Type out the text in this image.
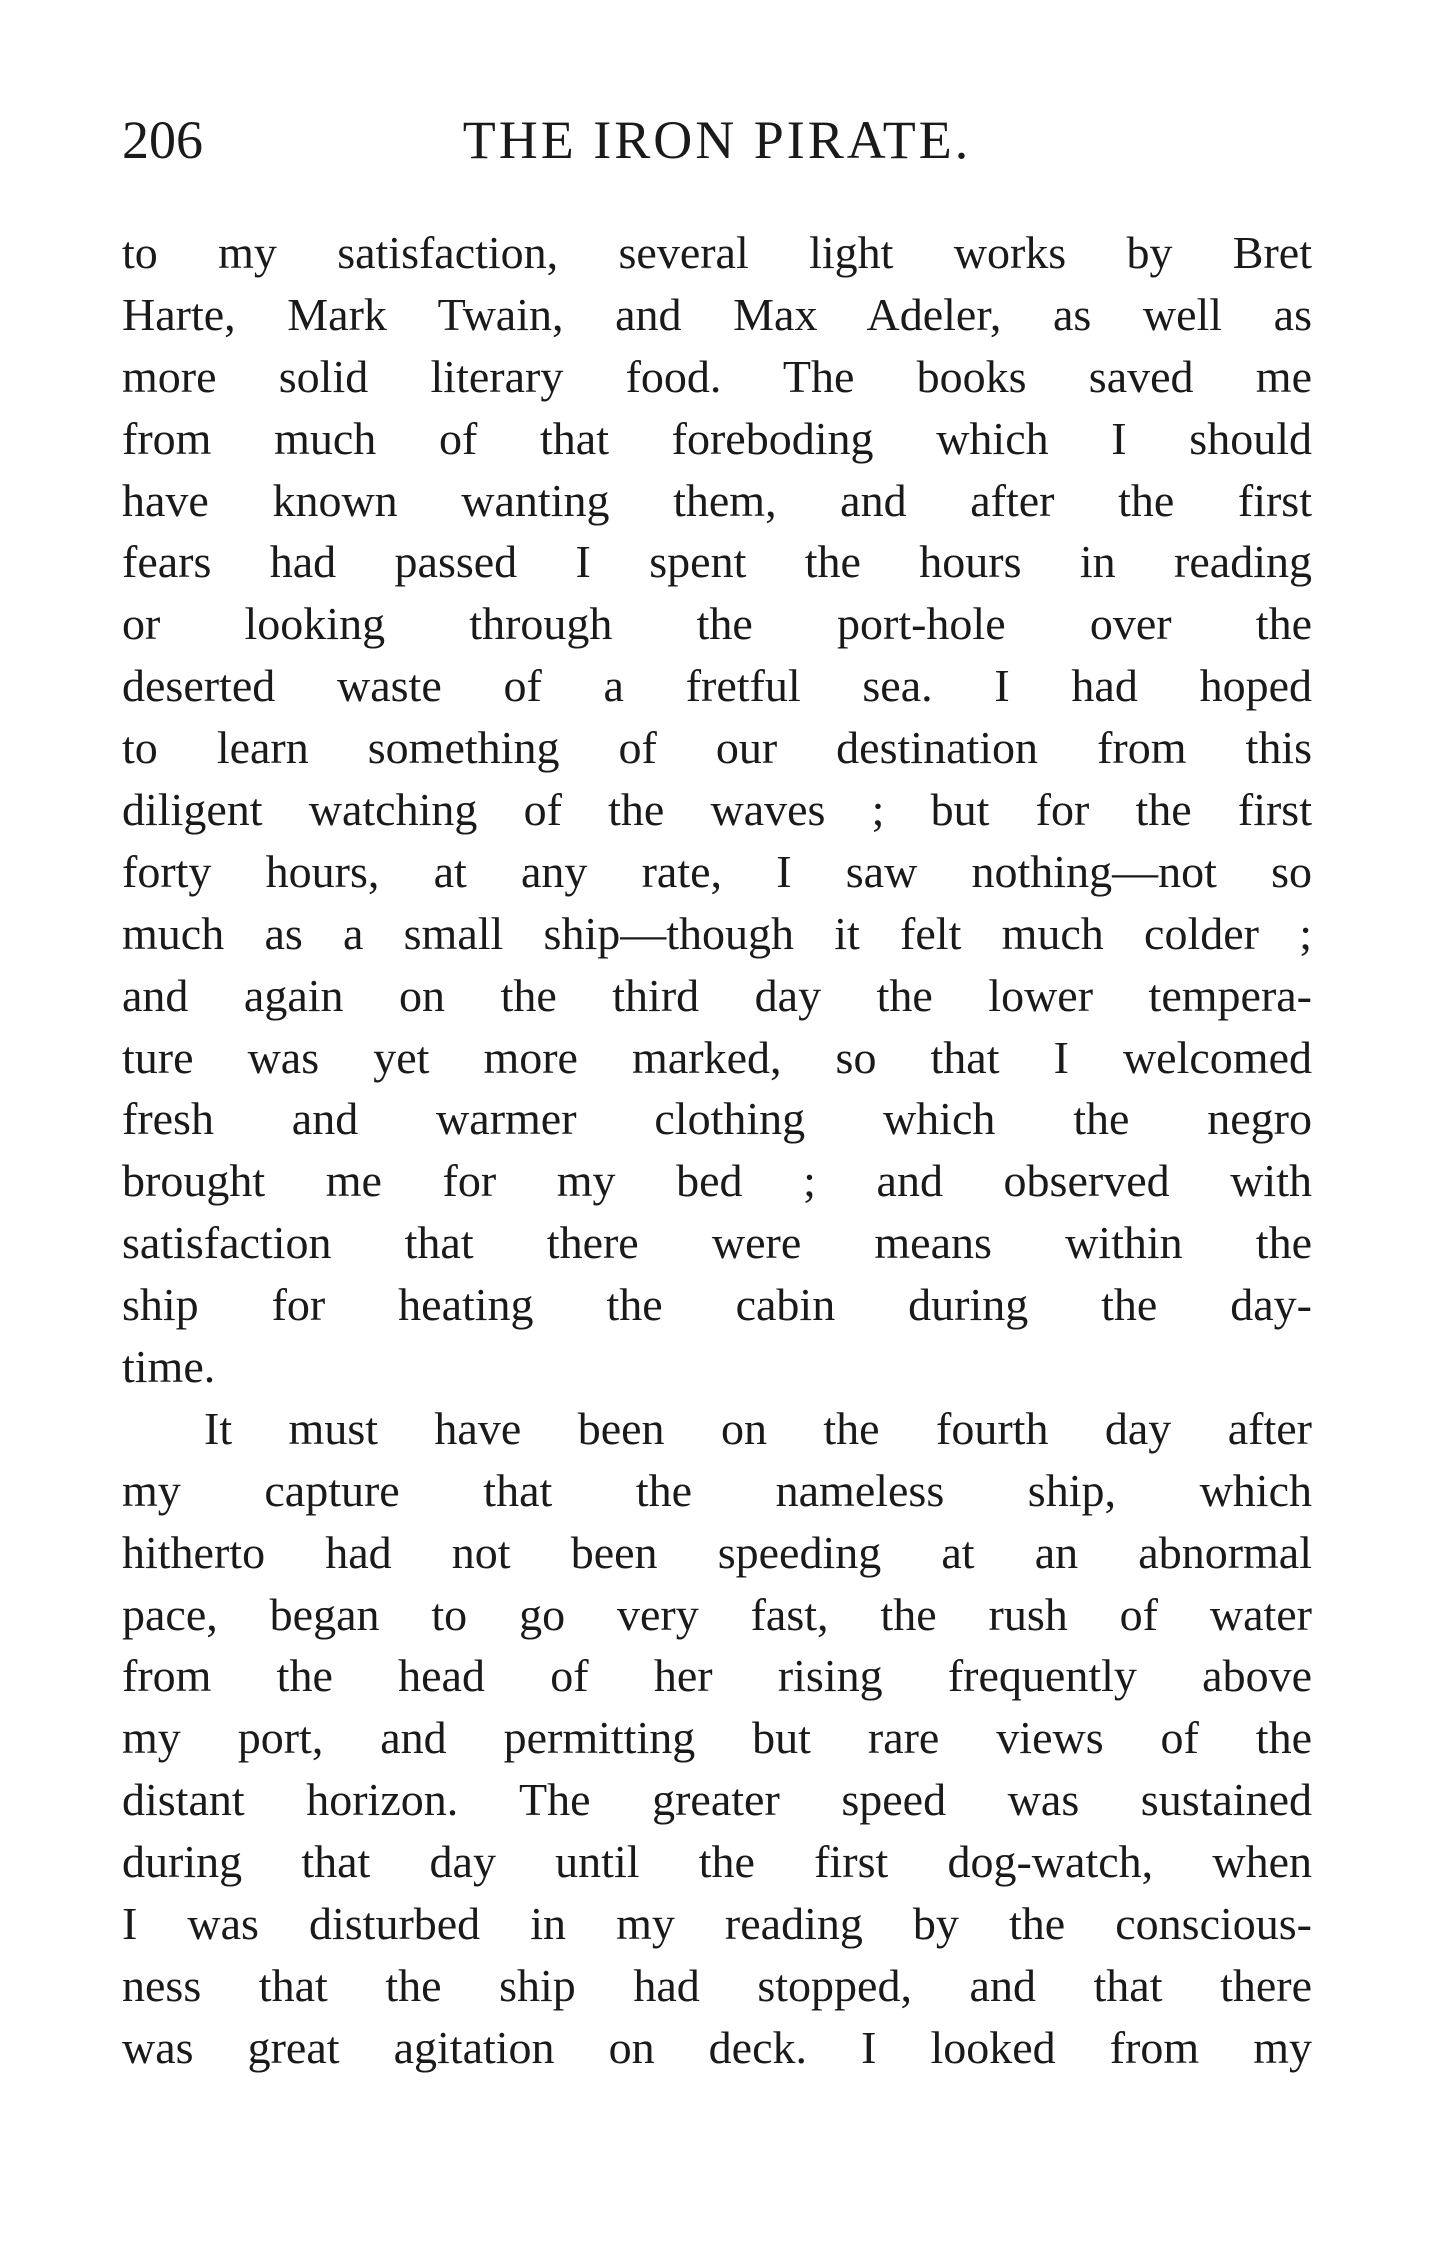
206	THE IRON PIRATE.
to my satisfaction, several light works by Bret
Harte, Mark Twain, and Max Adeler, as well as
more solid literary food. The books saved me
from much of that foreboding which I should
have known wanting them, and after the first
fears had passed I spent the hours in reading
or looking through the port-hole over the
deserted waste of a fretful sea. I had hoped
to learn something of our destination from this
diligent watching of the waves ; but for the first
forty hours, at any rate, I saw nothing—not so
much as a small ship—though it felt much colder ;
and again on the third day the lower tempera-
ture was yet more marked, so that I welcomed
fresh and warmer clothing which the negro
brought me for my bed ; and observed with
satisfaction that there were means within the
ship for heating the cabin during the day-
time.
It must have been on the fourth day after
my capture that the nameless ship, which
hitherto had not been speeding at an abnormal
pace, began to go very fast, the rush of water
from the head of her rising frequently above
my port, and permitting but rare views of the
distant horizon. The greater speed was sustained
during that day until the first dog-watch, when
I was disturbed in my reading by the conscious-
ness that the ship had stopped, and that there
was great agitation on deck. I looked from my
